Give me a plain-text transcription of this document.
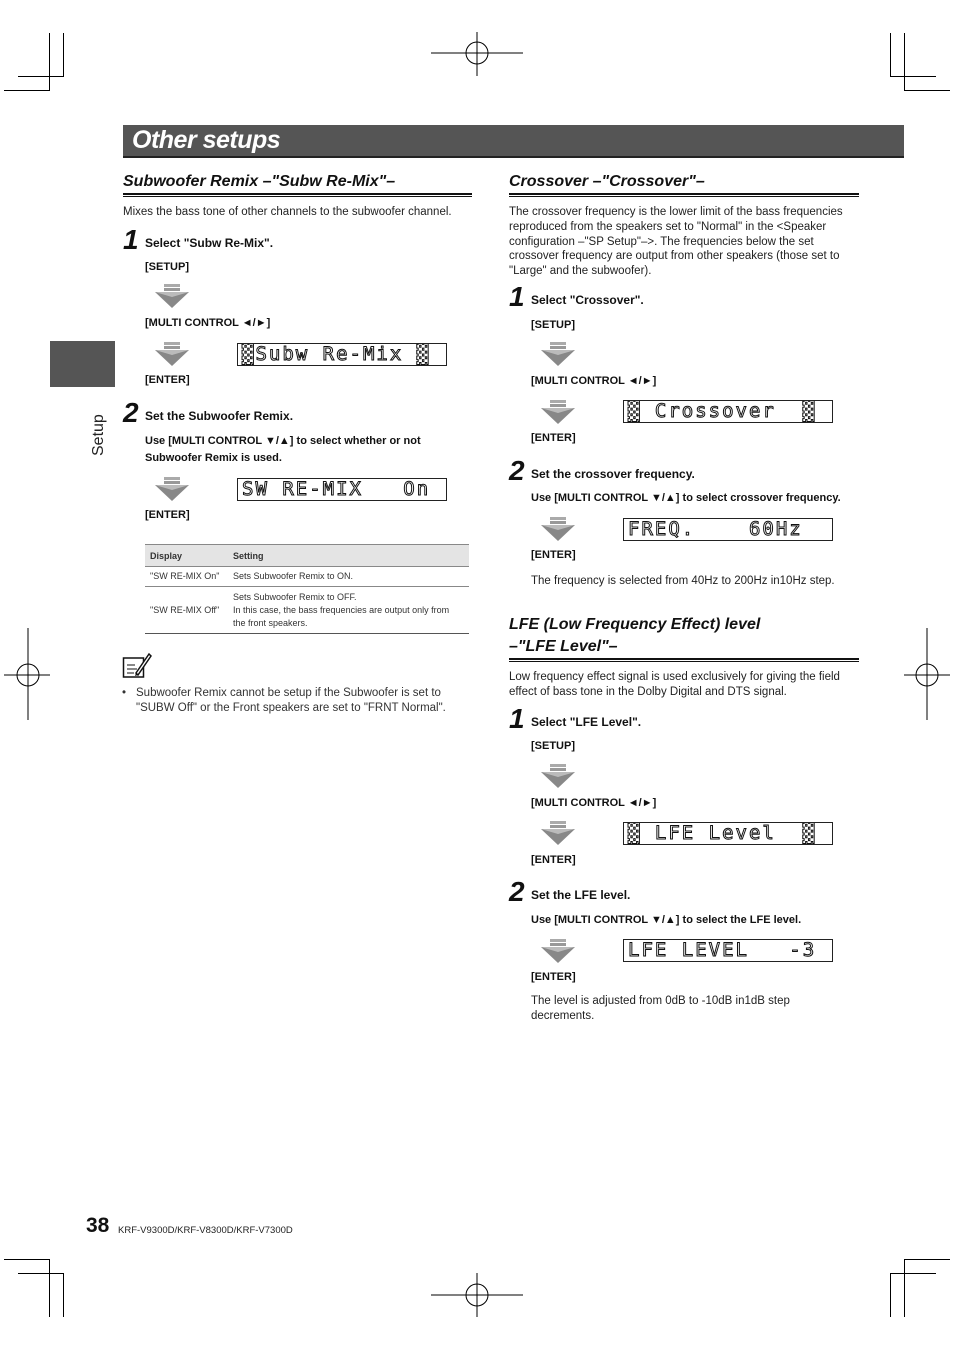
Other setups
Setup
Subwoofer Remix –"Subw Re-Mix"–
Mixes the bass tone of other channels to the subwoofer channel.
1 Select "Subw Re-Mix".
[SETUP]
[MULTI CONTROL ◄/►]
▓Subw Re-Mix ▓
[ENTER]
2 Set the Subwoofer Remix.
Use [MULTI CONTROL ▼/▲] to select whether or not
Subwoofer Remix is used.
SW RE-MIX   On
[ENTER]
Display	Setting
"SW RE-MIX On"	Sets Subwoofer Remix to ON.
"SW RE-MIX Off"	Sets Subwoofer Remix to OFF.
In this case, the bass frequencies are output only from the front speakers.
• Subwoofer Remix cannot be setup if the Subwoofer is set to "SUBW Off" or the Front speakers are set to "FRNT Normal".
Crossover –"Crossover"–
The crossover frequency is the lower limit of the bass frequencies reproduced from the speakers set to "Normal" in the <Speaker configuration –"SP Setup"–>. The frequencies below the set crossover frequency are output from other speakers (those set to "Large" and the subwoofer).
1 Select "Crossover".
[SETUP]
[MULTI CONTROL ◄/►]
▓ Crossover  ▓
[ENTER]
2 Set the crossover frequency.
Use [MULTI CONTROL ▼/▲] to select crossover frequency.
FREQ.    60Hz
[ENTER]
The frequency is selected from 40Hz to 200Hz in10Hz step.
LFE (Low Frequency Effect) level
–"LFE Level"–
Low frequency effect signal is used exclusively for giving the field effect of bass tone in the Dolby Digital and DTS signal.
1 Select "LFE Level".
[SETUP]
[MULTI CONTROL ◄/►]
▓ LFE Level  ▓
[ENTER]
2 Set the LFE level.
Use [MULTI CONTROL ▼/▲] to select the LFE level.
LFE LEVEL   -3
[ENTER]
The level is adjusted from 0dB to -10dB in1dB step decrements.
38 KRF-V9300D/KRF-V8300D/KRF-V7300D
